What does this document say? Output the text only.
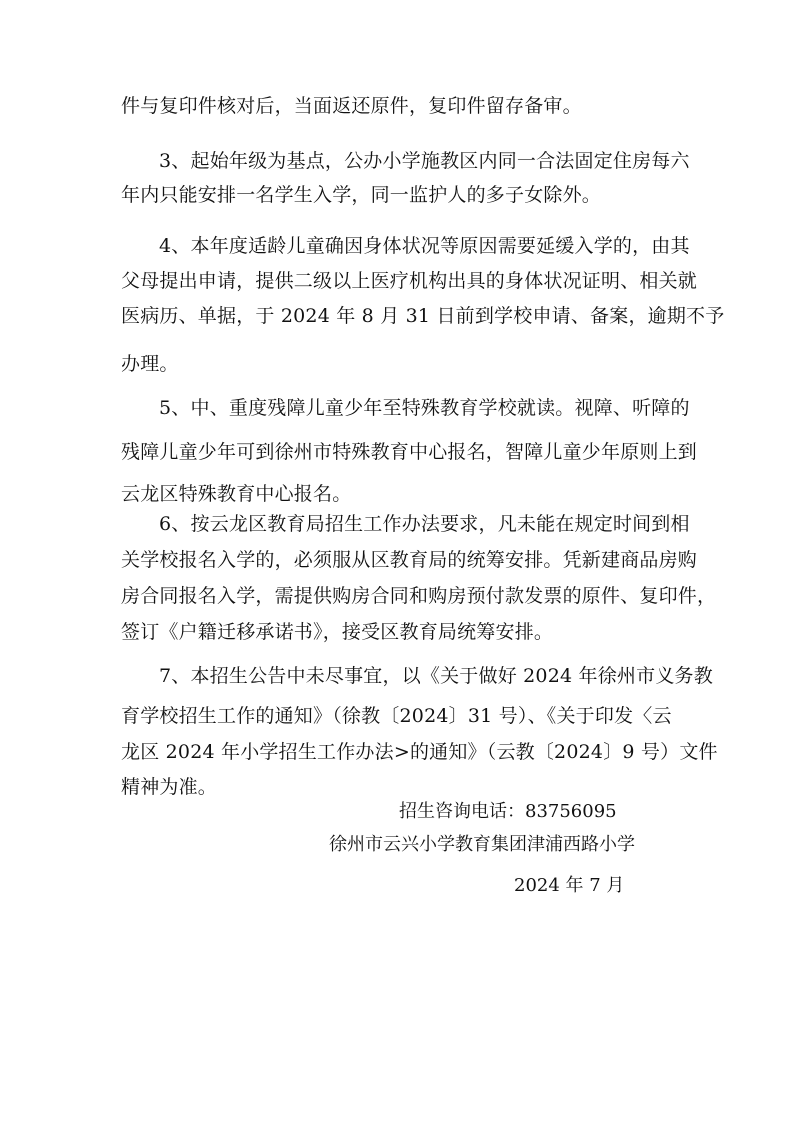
件与复印件核对后，当面返还原件，复印件留存备审。
3、起始年级为基点，公办小学施教区内同一合法固定住房每六
年内只能安排一名学生入学，同一监护人的多子女除外。
4、本年度适龄儿童确因身体状况等原因需要延缓入学的，由其
父母提出申请，提供二级以上医疗机构出具的身体状况证明、相关就
医病历、单据，于 2024 年 8 月 31 日前到学校申请、备案，逾期不予
办理。
5、中、重度残障儿童少年至特殊教育学校就读。视障、听障的
残障儿童少年可到徐州市特殊教育中心报名，智障儿童少年原则上到
云龙区特殊教育中心报名。
6、按云龙区教育局招生工作办法要求，凡未能在规定时间到相
关学校报名入学的，必须服从区教育局的统筹安排。凭新建商品房购
房合同报名入学，需提供购房合同和购房预付款发票的原件、复印件，
签订《户籍迁移承诺书》，接受区教育局统筹安排。
7、本招生公告中未尽事宜，以《关于做好 2024 年徐州市义务教
育学校招生工作的通知》（徐教〔2024〕31 号）、《关于印发〈云
龙区 2024 年小学招生工作办法>的通知》（云教〔2024〕9 号）文件
精神为准。
招生咨询电话：83756095
徐州市云兴小学教育集团津浦西路小学
2024 年 7 月
